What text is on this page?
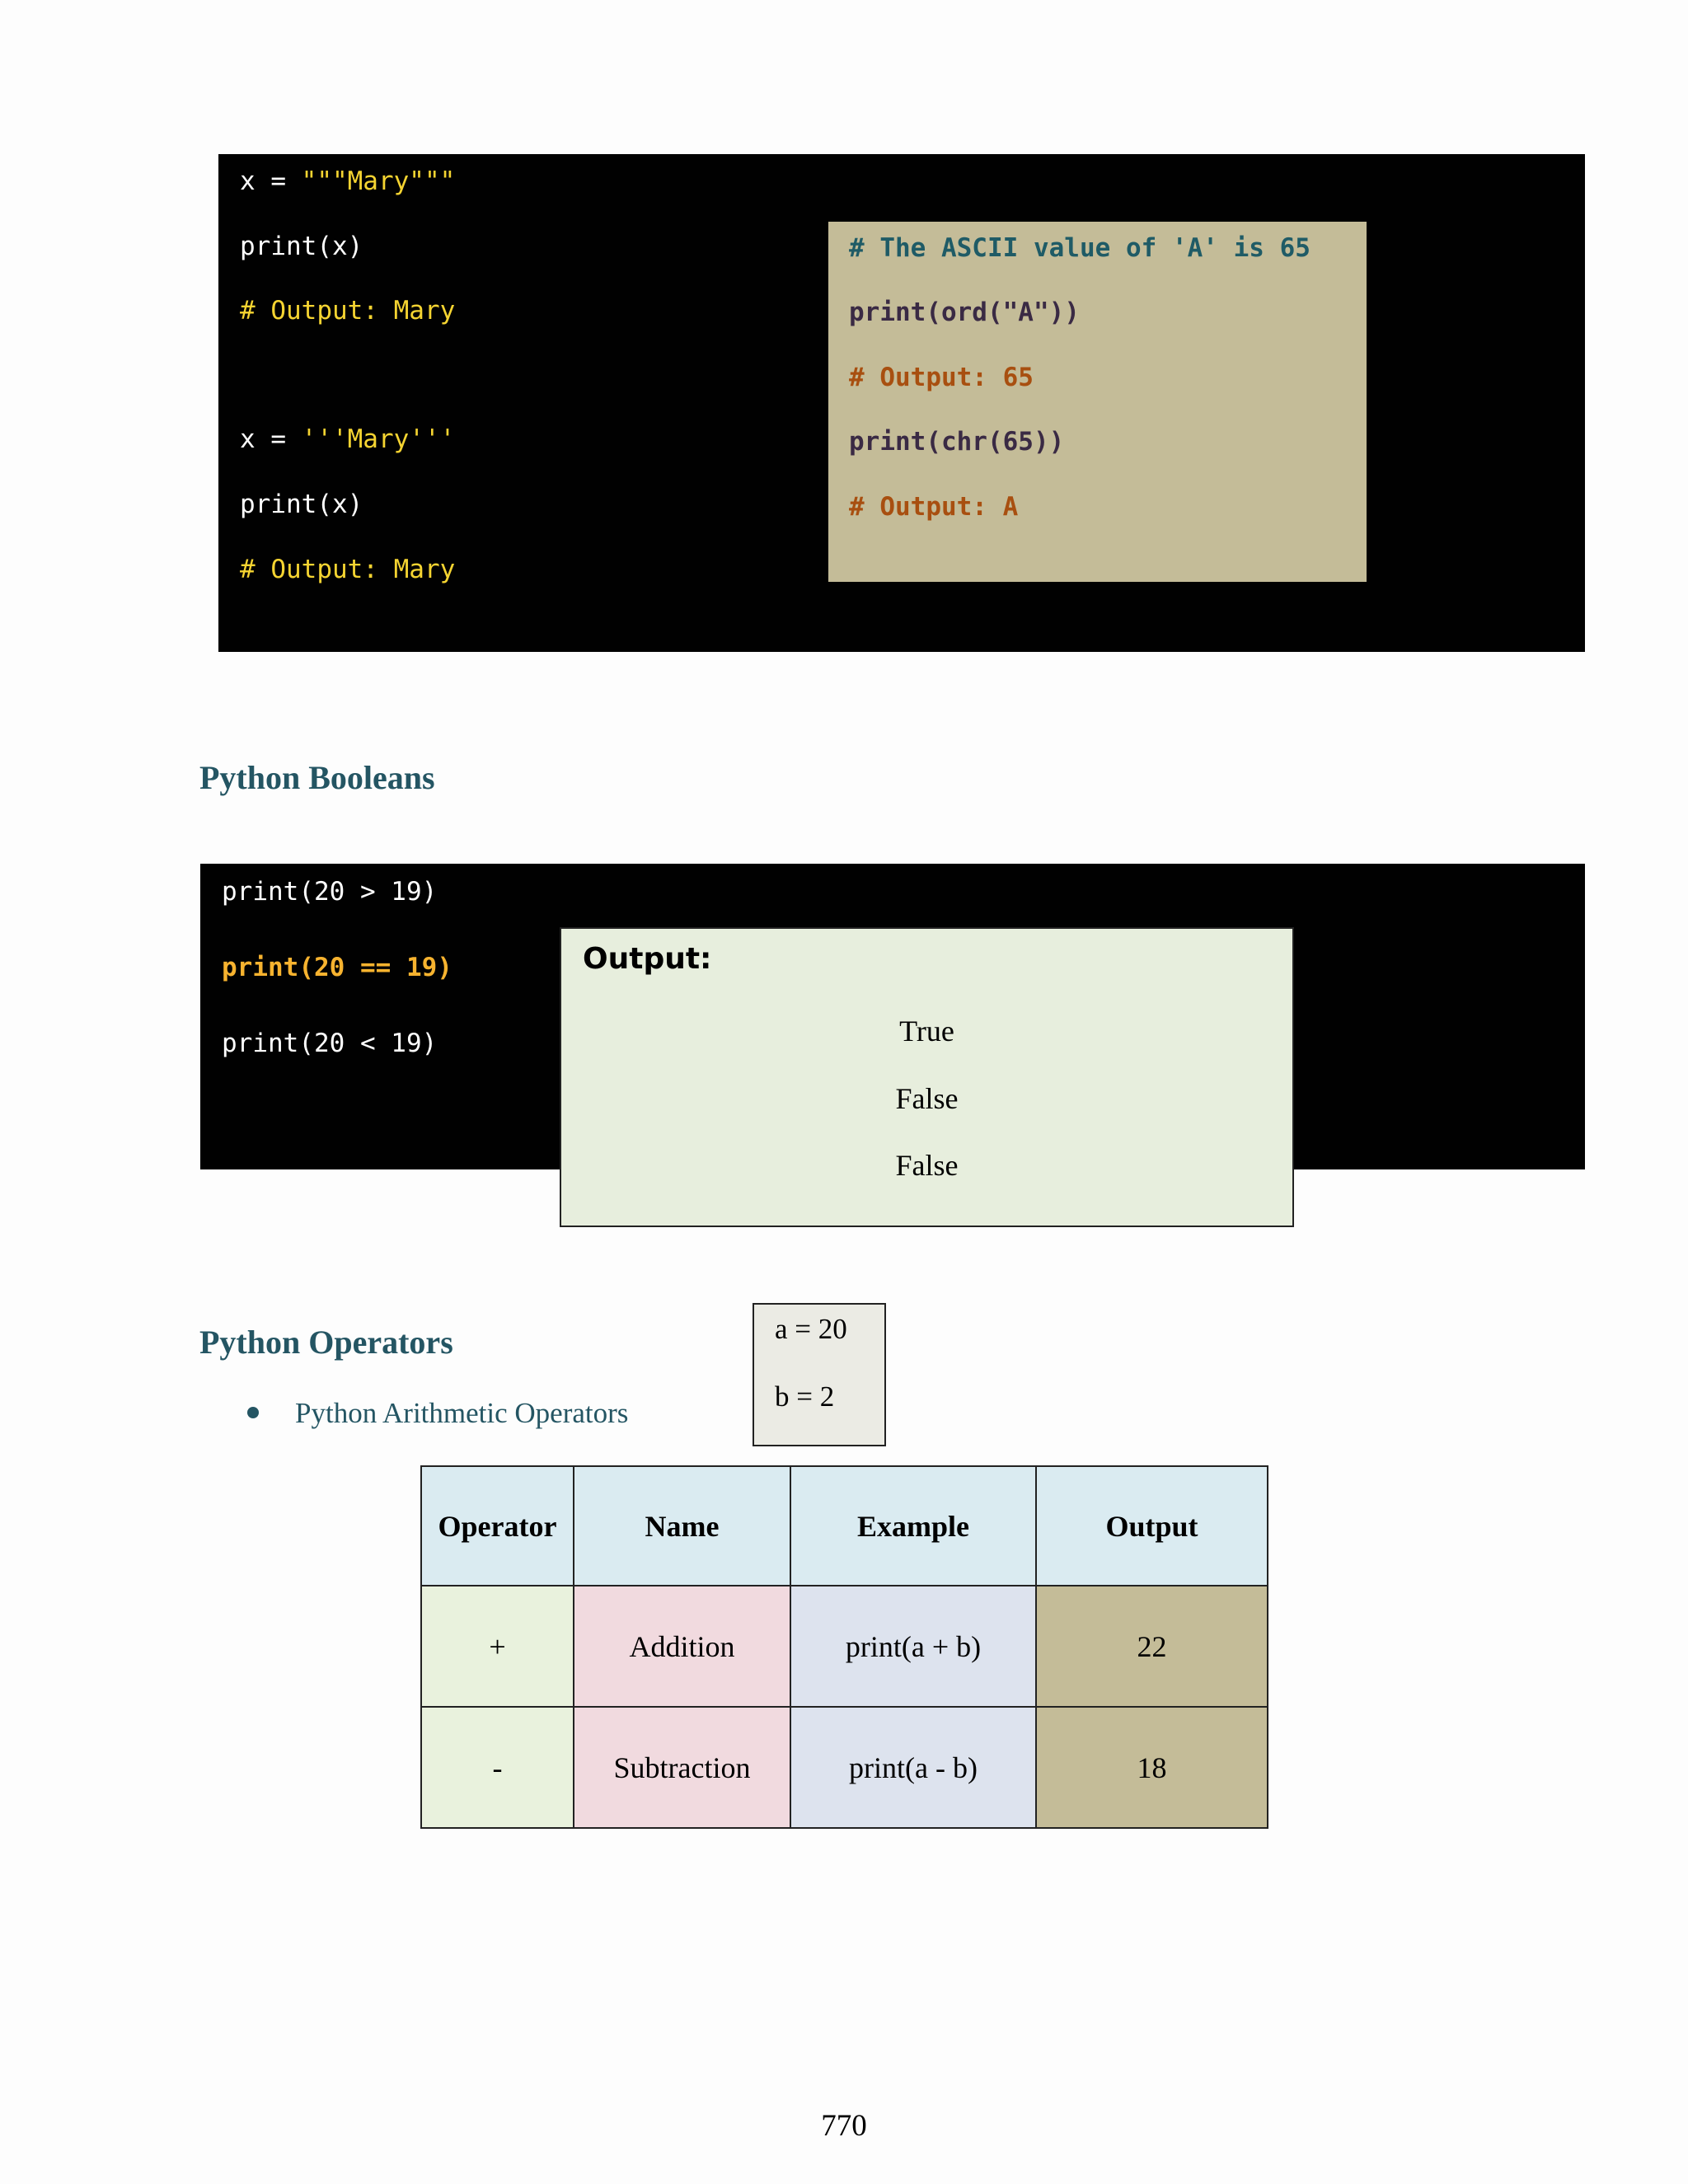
x = """Mary"""
print(x)
# Output: Mary
x = '''Mary'''
print(x)
# Output: Mary
# The ASCII value of 'A' is 65
print(ord("A"))
# Output: 65
print(chr(65))
# Output: A
Python Booleans
print(20 > 19)
print(20 == 19)
print(20 < 19)
Output:
True
False
False
Python Operators
Python Arithmetic Operators
a = 20
b = 2
Operator	Name	Example	Output
+	Addition	print(a + b)	22
-	Subtraction	print(a - b)	18
770
